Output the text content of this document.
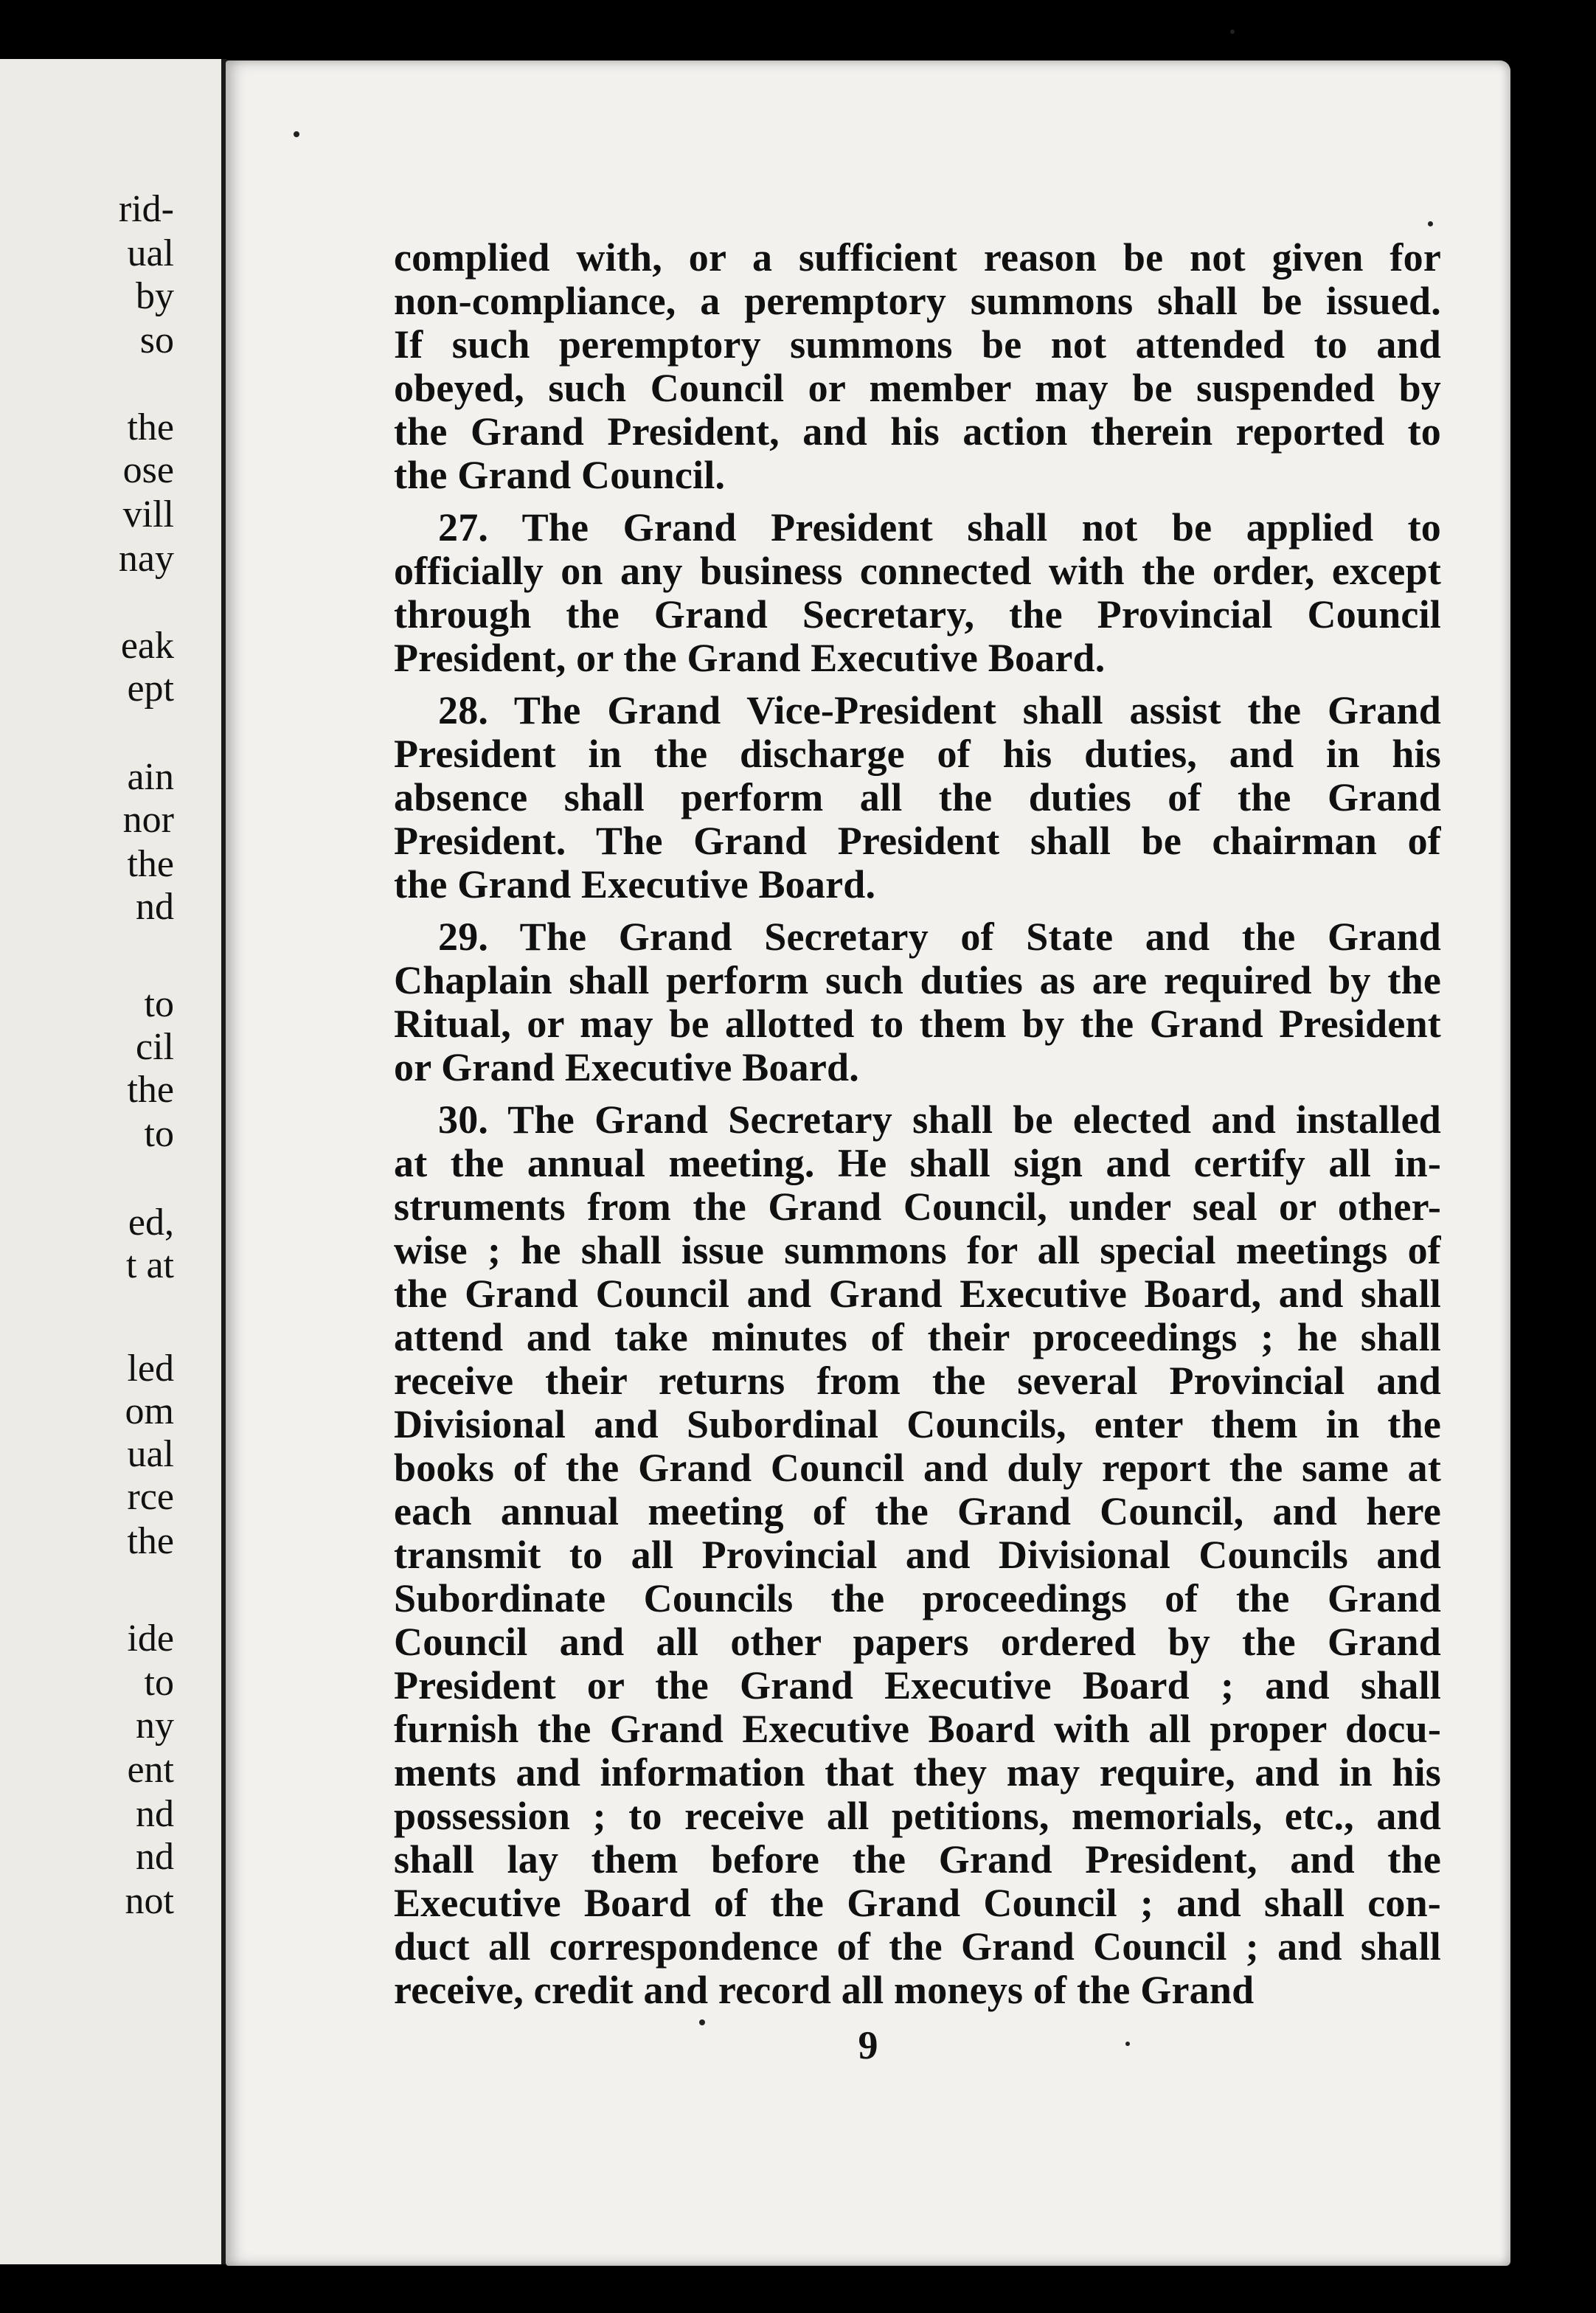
rid-
ual
by
so
the
ose
vill
nay
eak
ept
ain
nor
the
nd
to
cil
the
to
ed,
t at
led
om
ual
rce
the
ide
to
ny
ent
nd
nd
not
complied with, or a sufficient reason be not given for
non-compliance, a peremptory summons shall be issued.
If such peremptory summons be not attended to and
obeyed, such Council or member may be suspended by
the Grand President, and his action therein reported to
the Grand Council.
27. The Grand President shall not be applied to
officially on any business connected with the order, except
through the Grand Secretary, the Provincial Council
President, or the Grand Executive Board.
28. The Grand Vice-President shall assist the Grand
President in the discharge of his duties, and in his
absence shall perform all the duties of the Grand
President. The Grand President shall be chairman of
the Grand Executive Board.
29. The Grand Secretary of State and the Grand
Chaplain shall perform such duties as are required by the
Ritual, or may be allotted to them by the Grand President
or Grand Executive Board.
30. The Grand Secretary shall be elected and installed
at the annual meeting. He shall sign and certify all in-
struments from the Grand Council, under seal or other-
wise ; he shall issue summons for all special meetings of
the Grand Council and Grand Executive Board, and shall
attend and take minutes of their proceedings ; he shall
receive their returns from the several Provincial and
Divisional and Subordinal Councils, enter them in the
books of the Grand Council and duly report the same at
each annual meeting of the Grand Council, and here
transmit to all Provincial and Divisional Councils and
Subordinate Councils the proceedings of the Grand
Council and all other papers ordered by the Grand
President or the Grand Executive Board ; and shall
furnish the Grand Executive Board with all proper docu-
ments and information that they may require, and in his
possession ; to receive all petitions, memorials, etc., and
shall lay them before the Grand President, and the
Executive Board of the Grand Council ; and shall con-
duct all correspondence of the Grand Council ; and shall
receive, credit and record all moneys of the Grand
9
